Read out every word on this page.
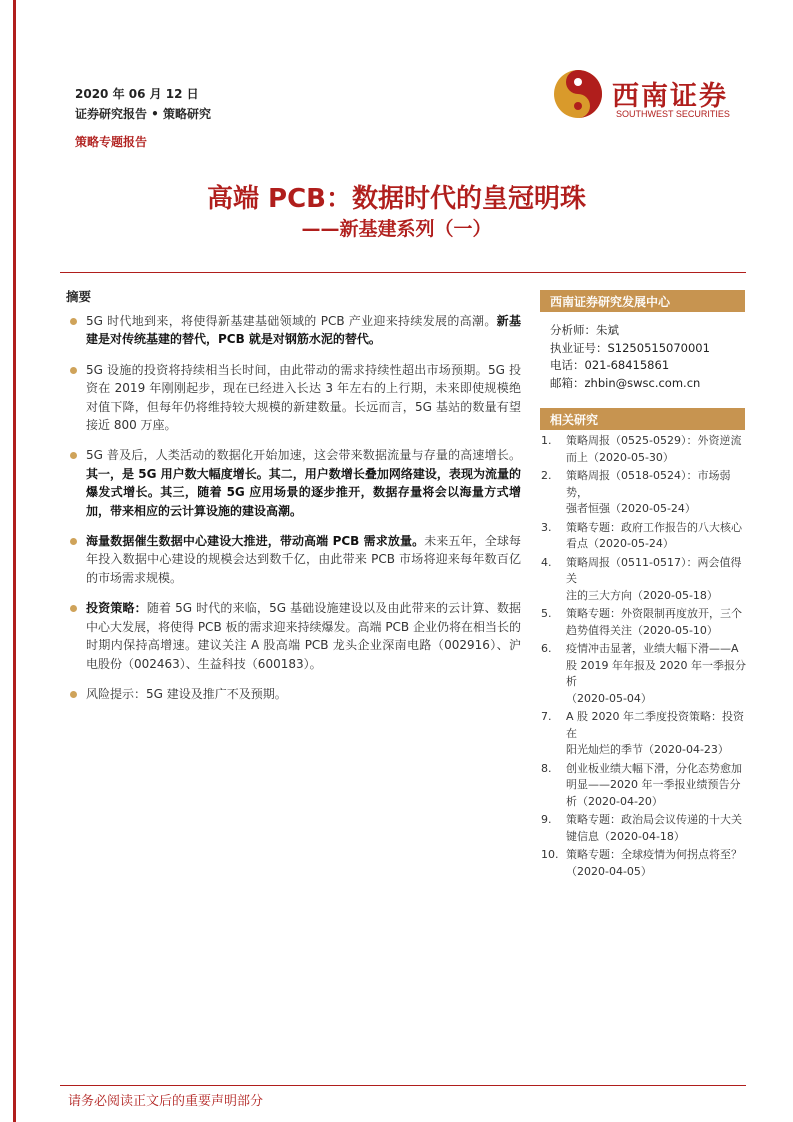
2020 年 06 月 12 日
证券研究报告 • 策略研究
策略专题报告
西南证券
SOUTHWEST SECURITIES
高端 PCB：数据时代的皇冠明珠
——新基建系列（一）
摘要
5G 时代地到来，将使得新基建基础领域的 PCB 产业迎来持续发展的高潮。新基建是对传统基建的替代，PCB 就是对钢筋水泥的替代。
5G 设施的投资将持续相当长时间，由此带动的需求持续性超出市场预期。5G 投资在 2019 年刚刚起步，现在已经进入长达 3 年左右的上行期，未来即使规模绝对值下降，但每年仍将维持较大规模的新建数量。长远而言，5G 基站的数量有望接近 800 万座。
5G 普及后，人类活动的数据化开始加速，这会带来数据流量与存量的高速增长。其一，是 5G 用户数大幅度增长。其二，用户数增长叠加网络建设，表现为流量的爆发式增长。其三，随着 5G 应用场景的逐步推开，数据存量将会以海量方式增加，带来相应的云计算设施的建设高潮。
海量数据催生数据中心建设大推进，带动高端 PCB 需求放量。未来五年，全球每年投入数据中心建设的规模会达到数千亿，由此带来 PCB 市场将迎来每年数百亿的市场需求规模。
投资策略：随着 5G 时代的来临，5G 基础设施建设以及由此带来的云计算、数据中心大发展，将使得 PCB 板的需求迎来持续爆发。高端 PCB 企业仍将在相当长的时期内保持高增速。建议关注 A 股高端 PCB 龙头企业深南电路（002916）、沪电股份（002463）、生益科技（600183）。
风险提示：5G 建设及推广不及预期。
西南证券研究发展中心
分析师：朱斌
执业证号：S1250515070001
电话：021-68415861
邮箱：zhbin@swsc.com.cn
相关研究
1. 策略周报（0525-0529）：外资逆流
而上（2020-05-30）
2. 策略周报（0518-0524）：市场弱势，
强者恒强（2020-05-24）
3. 策略专题：政府工作报告的八大核心
看点（2020-05-24）
4. 策略周报（0511-0517）：两会值得关
注的三大方向（2020-05-18）
5. 策略专题：外资限制再度放开，三个
趋势值得关注（2020-05-10）
6. 疫情冲击显著，业绩大幅下滑——A
股 2019 年年报及 2020 年一季报分析
（2020-05-04）
7. A 股 2020 年二季度投资策略：投资在
阳光灿烂的季节（2020-04-23）
8. 创业板业绩大幅下滑，分化态势愈加
明显——2020 年一季报业绩预告分
析（2020-04-20）
9. 策略专题：政治局会议传递的十大关
键信息（2020-04-18）
10. 策略专题：全球疫情为何拐点将至？
（2020-04-05）
请务必阅读正文后的重要声明部分
